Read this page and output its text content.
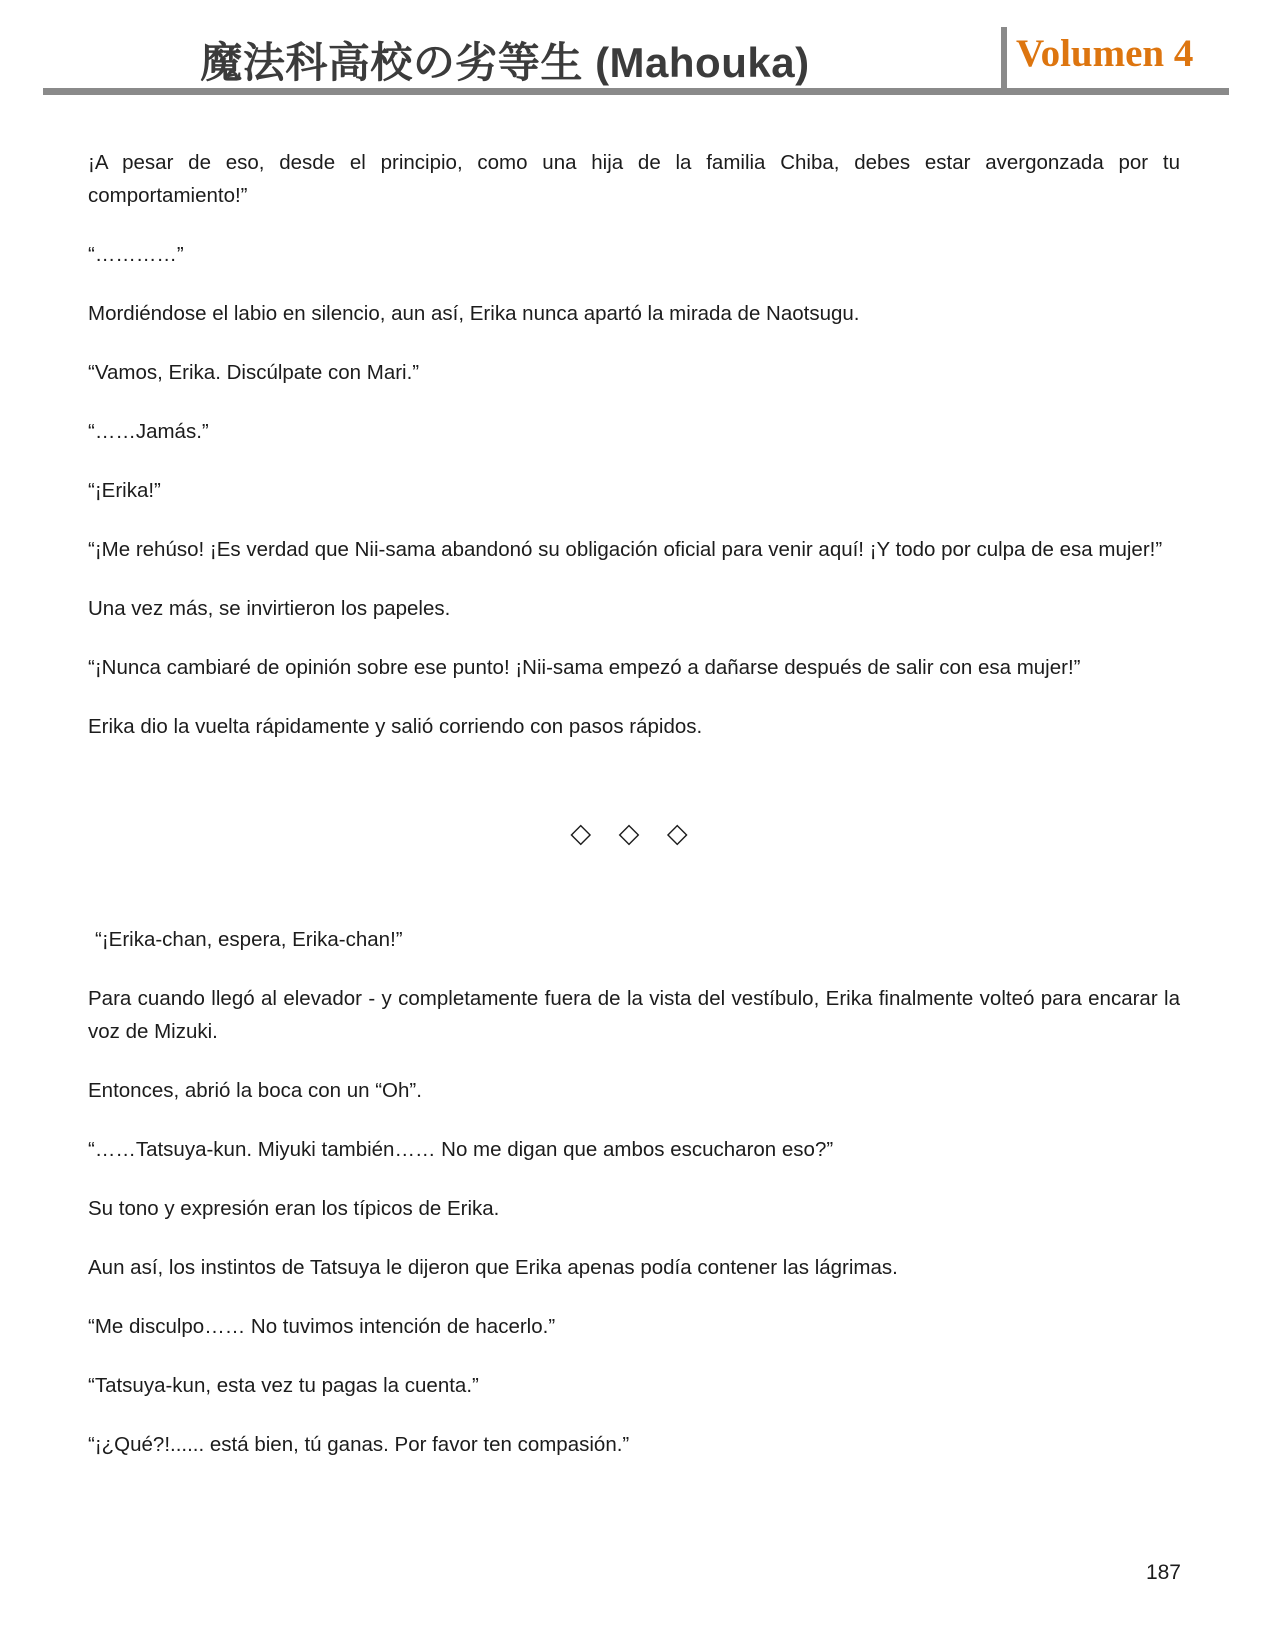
魔法科高校の劣等生 (Mahouka)	Volumen 4
¡A pesar de eso, desde el principio, como una hija de la familia Chiba, debes estar avergonzada por tu comportamiento!”
“…………”
Mordiéndose el labio en silencio, aun así, Erika nunca apartó la mirada de Naotsugu.
“Vamos, Erika. Discúlpate con Mari.”
“……Jamás.”
“¡Erika!”
“¡Me rehúso! ¡Es verdad que Nii-sama abandonó su obligación oficial para venir aquí! ¡Y todo por culpa de esa mujer!”
Una vez más, se invirtieron los papeles.
“¡Nunca cambiaré de opinión sobre ese punto! ¡Nii-sama empezó a dañarse después de salir con esa mujer!”
Erika dio la vuelta rápidamente y salió corriendo con pasos rápidos.
◇ ◇ ◇
“¡Erika-chan, espera, Erika-chan!”
Para cuando llegó al elevador - y completamente fuera de la vista del vestíbulo, Erika finalmente volteó para encarar la voz de Mizuki.
Entonces, abrió la boca con un “Oh”.
“……Tatsuya-kun. Miyuki también…… No me digan que ambos escucharon eso?”
Su tono y expresión eran los típicos de Erika.
Aun así, los instintos de Tatsuya le dijeron que Erika apenas podía contener las lágrimas.
“Me disculpo…… No tuvimos intención de hacerlo.”
“Tatsuya-kun, esta vez tu pagas la cuenta.”
“¡¿Qué?!...... está bien, tú ganas. Por favor ten compasión.”
187
